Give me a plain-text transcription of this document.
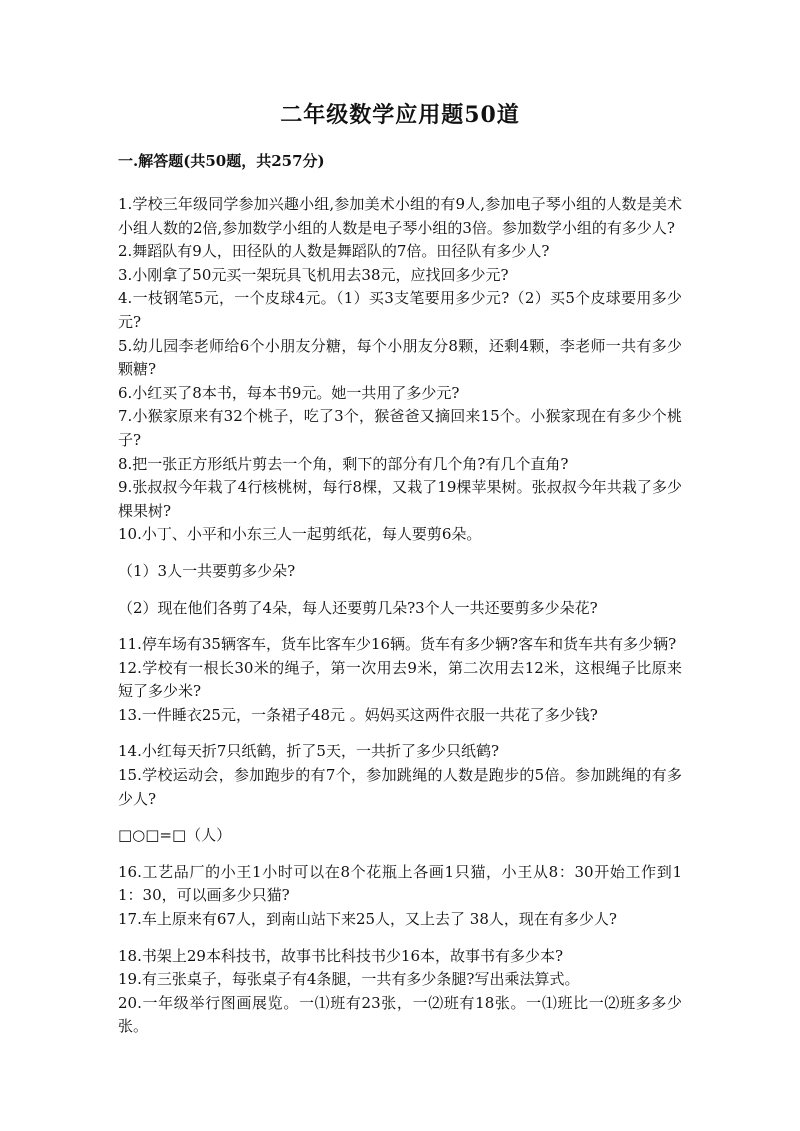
二年级数学应用题50道
一.解答题(共50题，共257分)

1.学校三年级同学参加兴趣小组,参加美术小组的有9人,参加电子琴小组的人数是美术小组人数的2倍,参加数学小组的人数是电子琴小组的3倍。参加数学小组的有多少人?

2.舞蹈队有9人，田径队的人数是舞蹈队的7倍。田径队有多少人?

3.小刚拿了50元买一架玩具飞机用去38元，应找回多少元?

4.一枝钢笔5元，一个皮球4元。（1）买3支笔要用多少元?（2）买5个皮球要用多少元?

5.幼儿园李老师给6个小朋友分糖，每个小朋友分8颗，还剩4颗，李老师一共有多少颗糖?

6.小红买了8本书，每本书9元。她一共用了多少元?

7.小猴家原来有32个桃子，吃了3个，猴爸爸又摘回来15个。小猴家现在有多少个桃子?

8.把一张正方形纸片剪去一个角，剩下的部分有几个角?有几个直角?

9.张叔叔今年栽了4行核桃树，每行8棵，又栽了19棵苹果树。张叔叔今年共栽了多少棵果树?

10.小丁、小平和小东三人一起剪纸花，每人要剪6朵。

（1）3人一共要剪多少朵?

（2）现在他们各剪了4朵，每人还要剪几朵?3个人一共还要剪多少朵花?

11.停车场有35辆客车，货车比客车少16辆。货车有多少辆?客车和货车共有多少辆?

12.学校有一根长30米的绳子，第一次用去9米，第二次用去12米，这根绳子比原来短了多少米?

13.一件睡衣25元，一条裙子48元 。妈妈买这两件衣服一共花了多少钱?

14.小红每天折7只纸鹤，折了5天，一共折了多少只纸鹤?

15.学校运动会，参加跑步的有7个，参加跳绳的人数是跑步的5倍。参加跳绳的有多少人?

□○□=□（人）

16.工艺品厂的小王1小时可以在8个花瓶上各画1只猫，小王从8：30开始工作到11：30，可以画多少只猫?

17.车上原来有67人，到南山站下来25人，又上去了 38人，现在有多少人?

18.书架上29本科技书，故事书比科技书少16本，故事书有多少本?

19.有三张桌子，每张桌子有4条腿，一共有多少条腿?写出乘法算式。

20.一年级举行图画展览。一⑴班有23张，一⑵班有18张。一⑴班比一⑵班多多少张。
